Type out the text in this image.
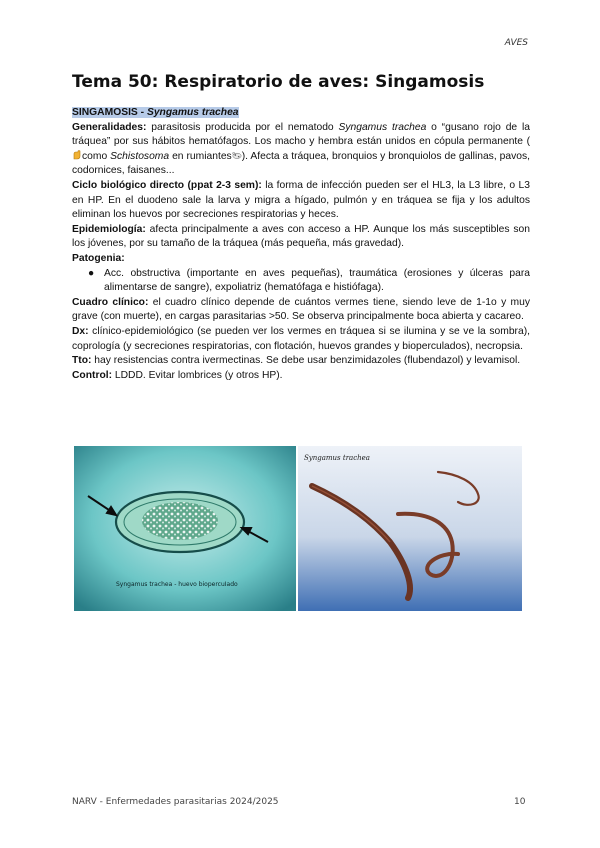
AVES
Tema 50: Respiratorio de aves: Singamosis

SINGAMOSIS - Syngamus trachea

Generalidades: parasitosis producida por el nematodo Syngamus trachea o “gusano rojo de la tráquea” por sus hábitos hematófagos. Los macho y hembra están unidos en cópula permanente (como Schistosoma en rumiantes ). Afecta a tráquea, bronquios y bronquiolos de gallinas, pavos, codornices, faisanes...

Ciclo biológico directo (ppat 2-3 sem): la forma de infección pueden ser el HL3, la L3 libre, o L3 en HP. En el duodeno sale la larva y migra a hígado, pulmón y en tráquea se fija y los adultos eliminan los huevos por secreciones respiratorias y heces.

Epidemiología: afecta principalmente a aves con acceso a HP. Aunque los más susceptibles son los jóvenes, por su tamaño de la tráquea (más pequeña, más gravedad).

Patogenia:

● Acc. obstructiva (importante en aves pequeñas), traumática (erosiones y úlceras para alimentarse de sangre), expoliatriz (hematófaga e histiófaga).

Cuadro clínico: el cuadro clínico depende de cuántos vermes tiene, siendo leve de 1-1o y muy grave (con muerte), en cargas parasitarias >50. Se observa principalmente boca abierta y cacareo.

Dx: clínico-epidemiológico (se pueden ver los vermes en tráquea si se ilumina y se ve la sombra), coprología (y secreciones respiratorias, con flotación, huevos grandes y bioperculados), necropsia.

Tto: hay resistencias contra ivermectinas. Se debe usar benzimidazoles (flubendazol) y levamisol.

Control: LDDD. Evitar lombrices (y otros HP).

Syngamus trachea - huevo biopercuIado
Syngamus trachea
NARV - Enfermedades parasitarias 2024/2025	10
